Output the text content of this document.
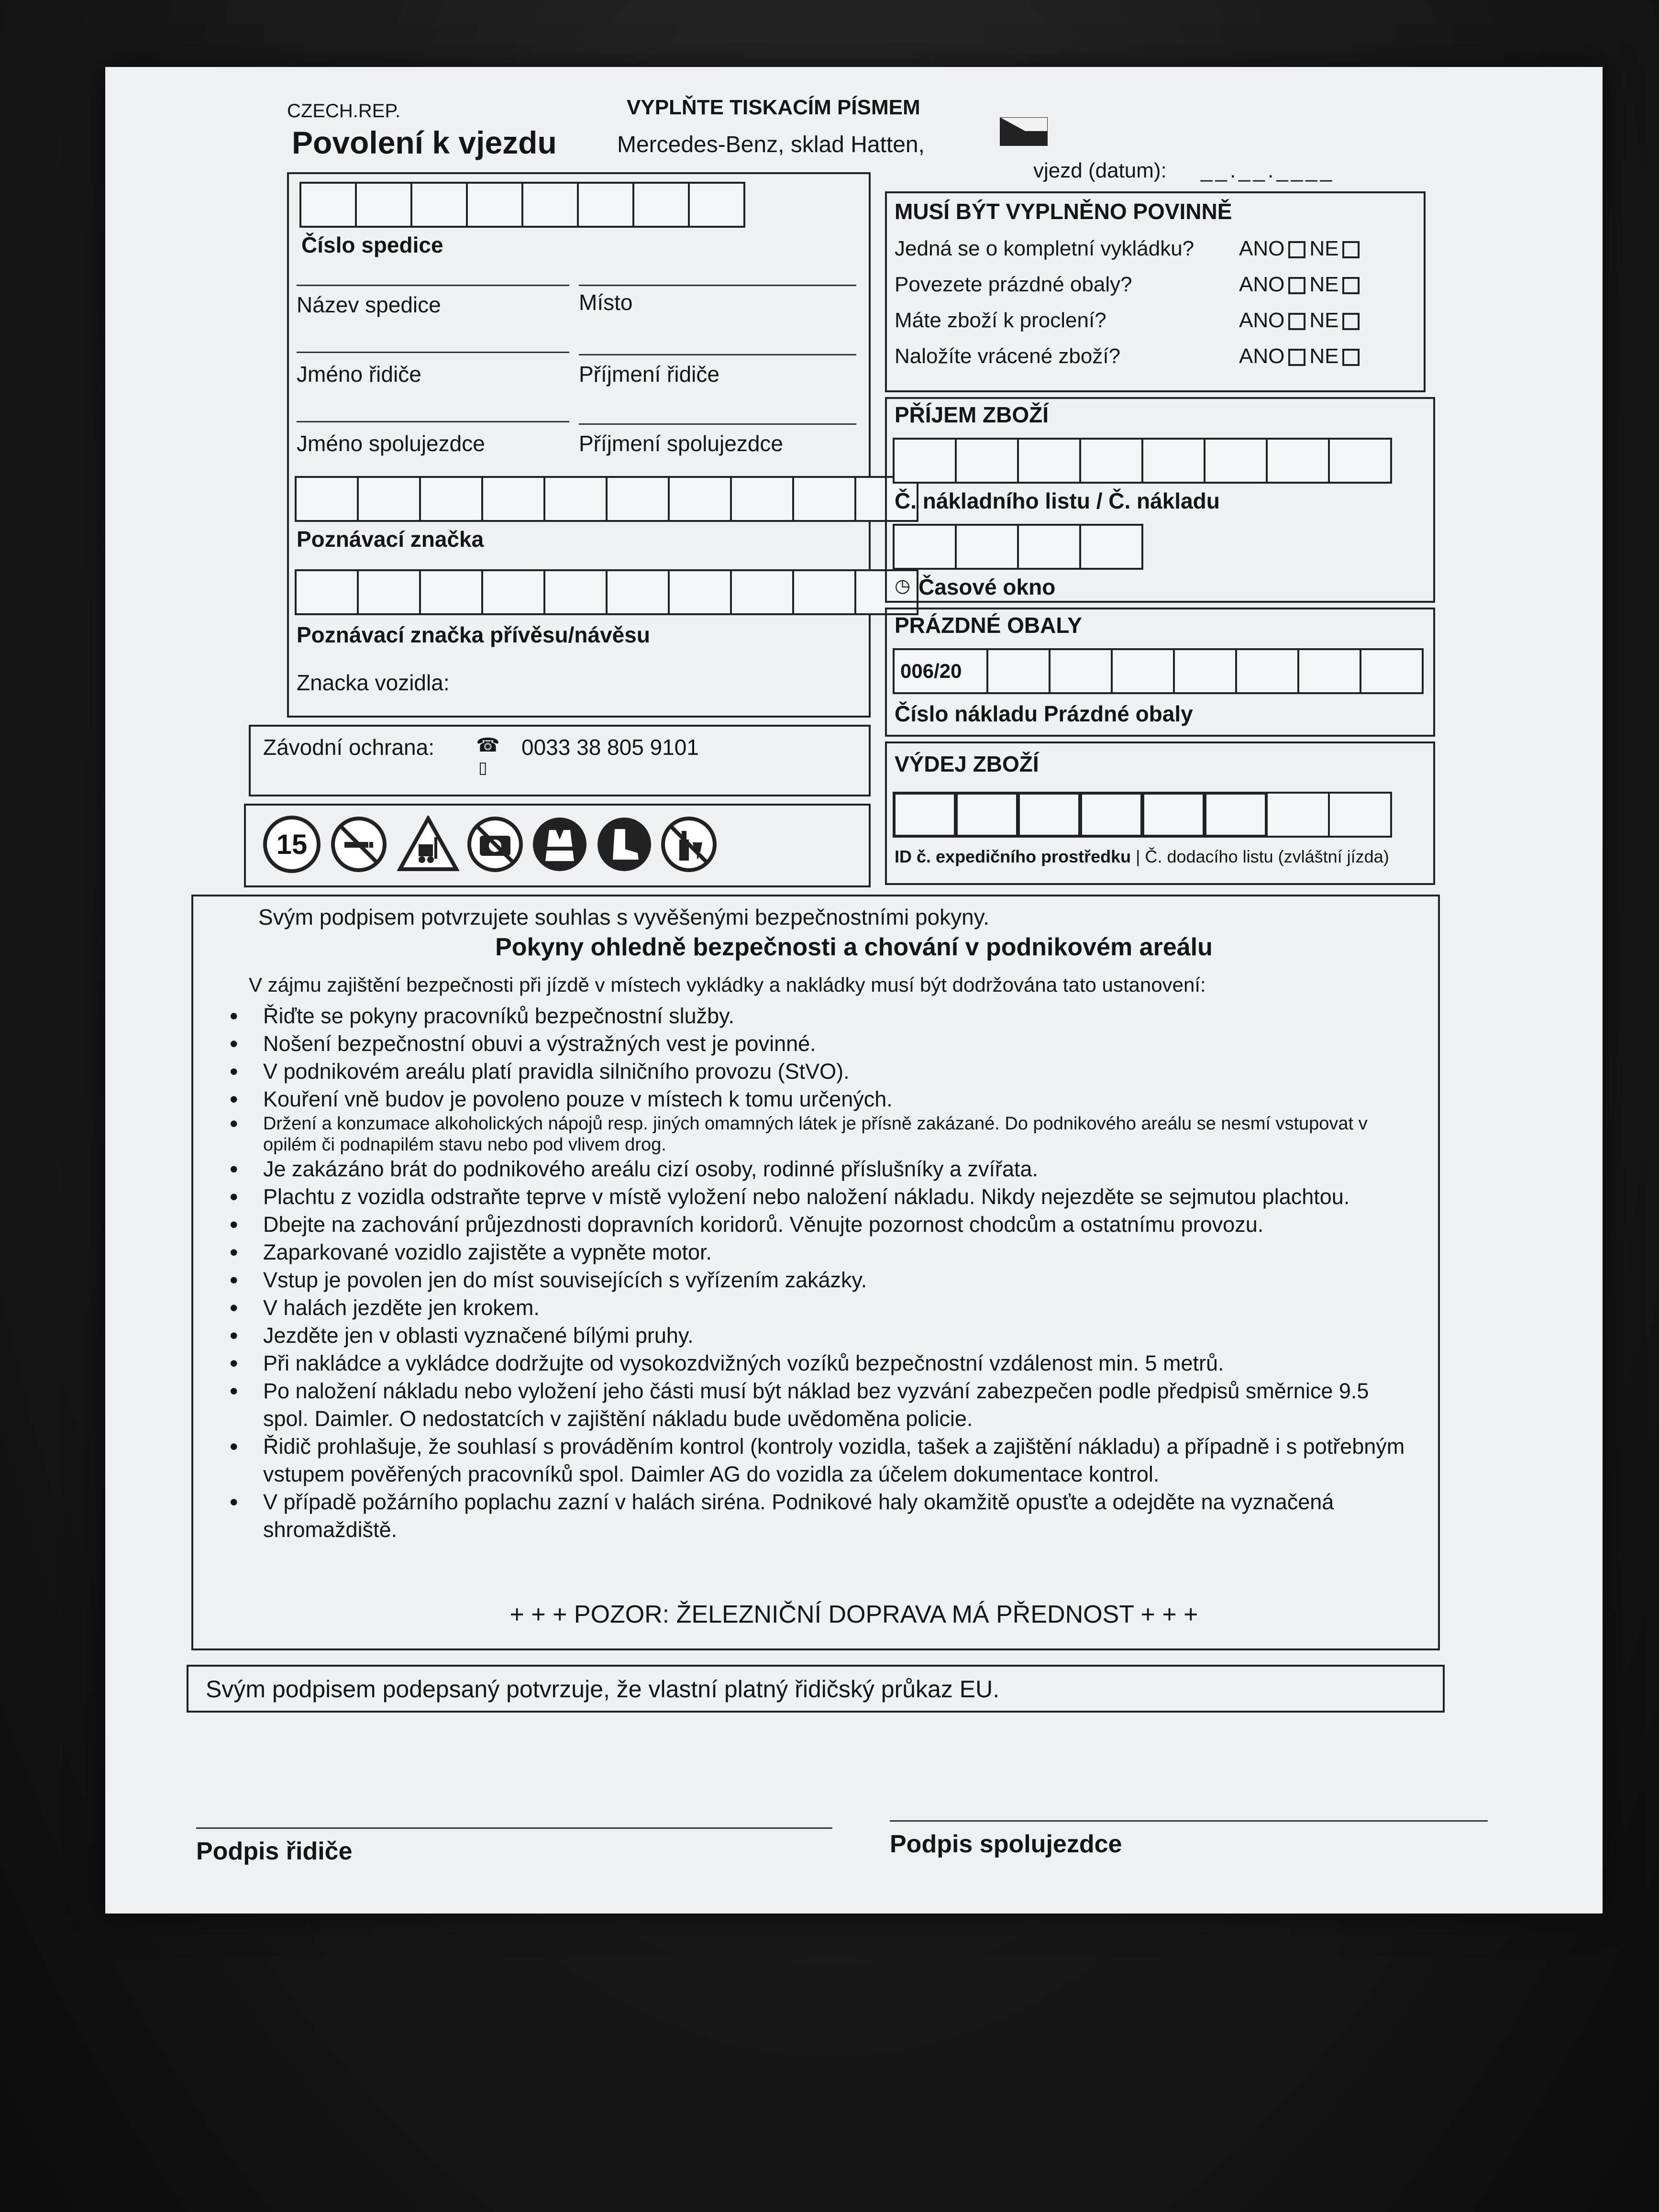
CZECH.REP.	VYPLŇTE TISKACÍM PÍSMEM
Povolení k vjezdu	Mercedes-Benz, sklad Hatten,
vjezd (datum): __.__.____
Číslo spedice
Název spedice	Místo
Jméno řidiče	Příjmení řidiče
Jméno spolujezdce	Příjmení spolujezdce
Poznávací značka
Poznávací značka přívěsu/návěsu
Znacka vozidla:
Závodní ochrana: ☎
▯
0033 38 805 9101
15
MUSÍ BÝT VYPLNĚNO POVINNĚ
Jedná se o kompletní vykládku? ANO NE
Povezete prázdné obaly?	ANO NE
Máte zboží k proclení?	ANO NE
Naložíte vrácené zboží?	ANO NE
PŘÍJEM ZBOŽÍ
Č. nákladního listu / Č. nákladu
◷ Časové okno
PRÁZDNÉ OBALY
006/20
Číslo nákladu Prázdné obaly
VÝDEJ ZBOŽÍ
ID č. expedičního prostředku | Č. dodacího listu (zvláštní jízda)
Svým podpisem potvrzujete souhlas s vyvěšenými bezpečnostními pokyny.
Pokyny ohledně bezpečnosti a chování v podnikovém areálu
V zájmu zajištění bezpečnosti při jízdě v místech vykládky a nakládky musí být dodržována tato ustanovení:
• Řiďte se pokyny pracovníků bezpečnostní služby.
• Nošení bezpečnostní obuvi a výstražných vest je povinné.
• V podnikovém areálu platí pravidla silničního provozu (StVO).
• Kouření vně budov je povoleno pouze v místech k tomu určených.
• Držení a konzumace alkoholických nápojů resp. jiných omamných látek je přísně zakázané. Do podnikového areálu se nesmí vstupovat v opilém či podnapilém stavu nebo pod vlivem drog.
• Je zakázáno brát do podnikového areálu cizí osoby, rodinné příslušníky a zvířata.
• Plachtu z vozidla odstraňte teprve v místě vyložení nebo naložení nákladu. Nikdy nejezděte se sejmutou plachtou.
• Dbejte na zachování průjezdnosti dopravních koridorů. Věnujte pozornost chodcům a ostatnímu provozu.
• Zaparkované vozidlo zajistěte a vypněte motor.
• Vstup je povolen jen do míst souvisejících s vyřízením zakázky.
• V halách jezděte jen krokem.
• Jezděte jen v oblasti vyznačené bílými pruhy.
• Při nakládce a vykládce dodržujte od vysokozdvižných vozíků bezpečnostní vzdálenost min. 5 metrů.
• Po naložení nákladu nebo vyložení jeho části musí být náklad bez vyzvání zabezpečen podle předpisů směrnice 9.5 spol. Daimler. O nedostatcích v zajištění nákladu bude uvědoměna policie.
• Řidič prohlašuje, že souhlasí s prováděním kontrol (kontroly vozidla, tašek a zajištění nákladu) a případně i s potřebným vstupem pověřených pracovníků spol. Daimler AG do vozidla za účelem dokumentace kontrol.
• V případě požárního poplachu zazní v halách siréna. Podnikové haly okamžitě opusťte a odejděte na vyznačená shromaždiště.
+ + + POZOR: ŽELEZNIČNÍ DOPRAVA MÁ PŘEDNOST + + +
Svým podpisem podepsaný potvrzuje, že vlastní platný řidičský průkaz EU.
Podpis řidiče	Podpis spolujezdce
